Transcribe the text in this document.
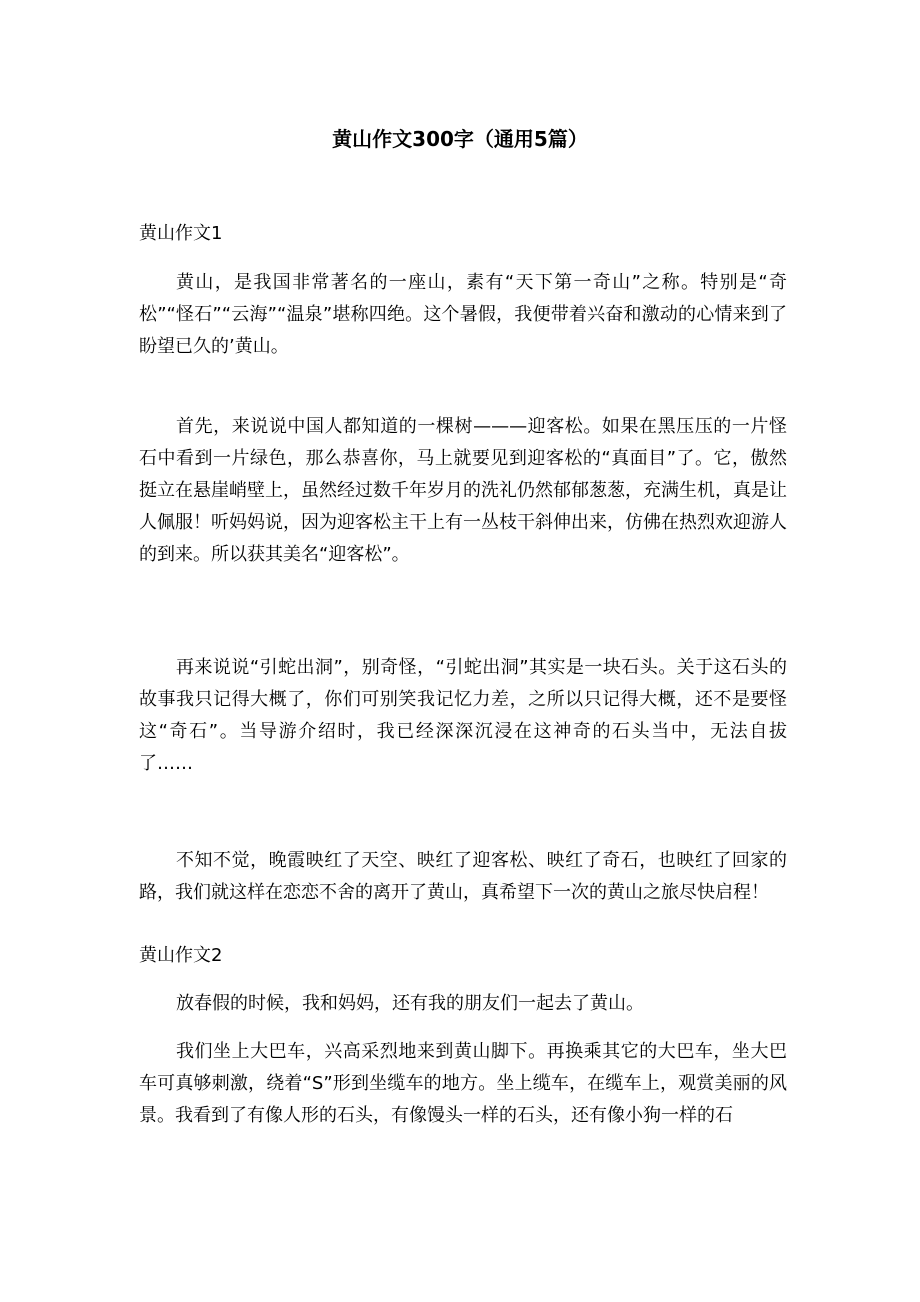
黄山作文300字（通用5篇）
黄山作文1

黄山，是我国非常著名的一座山，素有“天下第一奇山”之称。特别是“奇松”“怪石”“云海”“温泉”堪称四绝。这个暑假，我便带着兴奋和激动的心情来到了盼望已久的’黄山。

首先，来说说中国人都知道的一棵树———迎客松。如果在黑压压的一片怪石中看到一片绿色，那么恭喜你，马上就要见到迎客松的“真面目”了。它，傲然挺立在悬崖峭壁上，虽然经过数千年岁月的洗礼仍然郁郁葱葱，充满生机，真是让人佩服！听妈妈说，因为迎客松主干上有一丛枝干斜伸出来，仿佛在热烈欢迎游人的到来。所以获其美名“迎客松”。

再来说说“引蛇出洞”，别奇怪，“引蛇出洞”其实是一块石头。关于这石头的故事我只记得大概了，你们可别笑我记忆力差，之所以只记得大概，还不是要怪这“奇石”。当导游介绍时，我已经深深沉浸在这神奇的石头当中，无法自拔了……

不知不觉，晚霞映红了天空、映红了迎客松、映红了奇石，也映红了回家的路，我们就这样在恋恋不舍的离开了黄山，真希望下一次的黄山之旅尽快启程！

黄山作文2

放春假的时候，我和妈妈，还有我的朋友们一起去了黄山。

我们坐上大巴车，兴高采烈地来到黄山脚下。再换乘其它的大巴车，坐大巴车可真够刺激，绕着“S”形到坐缆车的地方。坐上缆车，在缆车上，观赏美丽的风景。我看到了有像人形的石头，有像馒头一样的石头，还有像小狗一样的石
